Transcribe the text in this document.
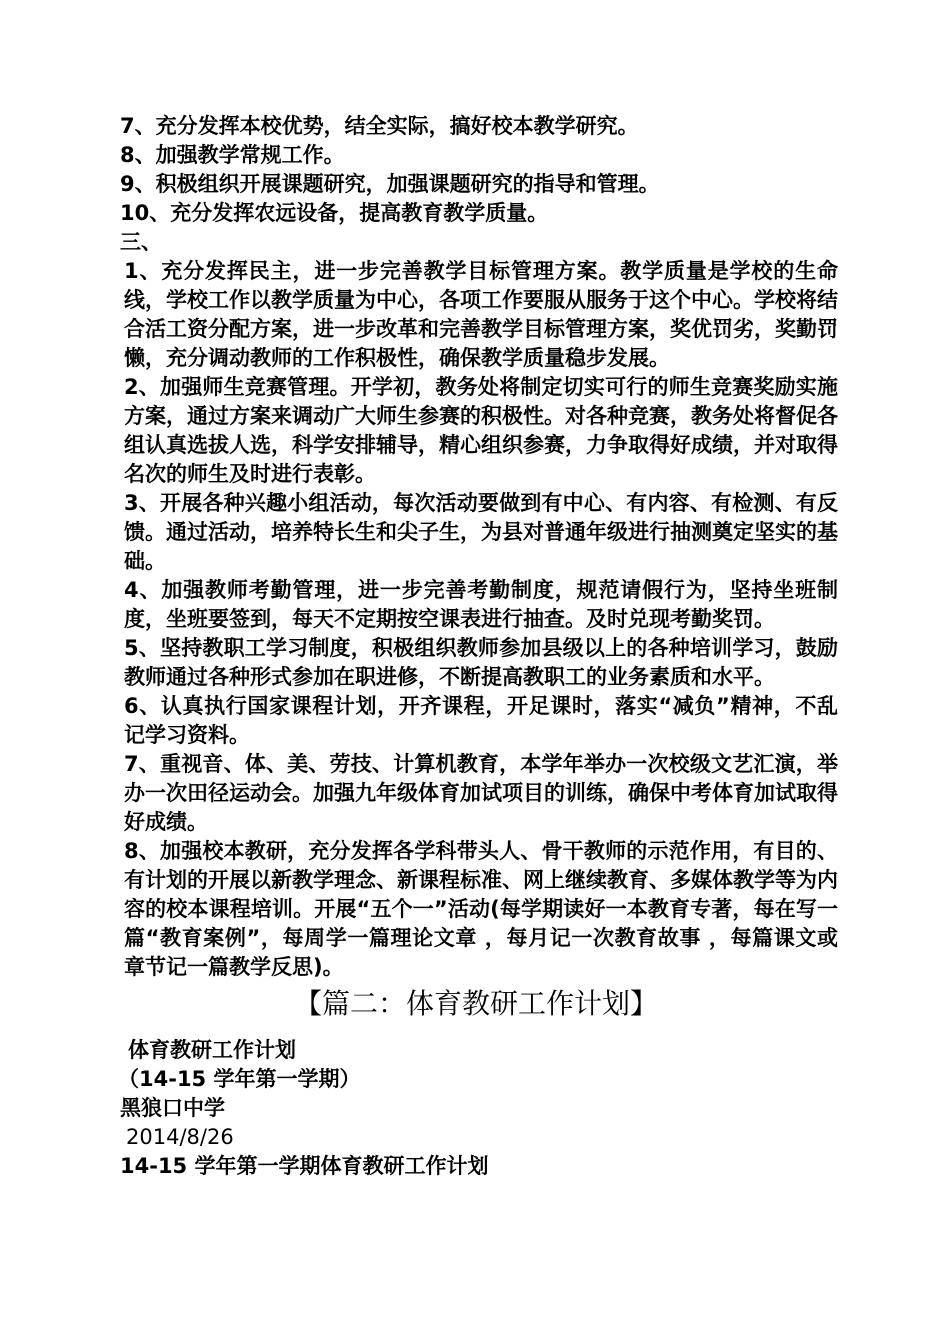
7、充分发挥本校优势，结全实际，搞好校本教学研究。
8、加强教学常规工作。
9、积极组织开展课题研究，加强课题研究的指导和管理。
10、充分发挥农远设备，提高教育教学质量。
三、

1、充分发挥民主，进一步完善教学目标管理方案。教学质量是学校的生命 线，学校工作以教学质量为中心，各项工作要服从服务于这个中心。学校将结合活工资分配方案，进一步改革和完善教学目标管理方案，奖优罚劣，奖勤罚懒，充分调动教师的工作积极性，确保教学质量稳步发展。

2、加强师生竞赛管理。开学初，教务处将制定切实可行的师生竞赛奖励实施方案，通过方案来调动广大师生参赛的积极性。对各种竞赛，教务处将督促各组认真选拔人选，科学安排辅导，精心组织参赛，力争取得好成绩，并对取得名次的师生及时进行表彰。

3、开展各种兴趣小组活动，每次活动要做到有中心、有内容、有检测、有反馈。通过活动，培养特长生和尖子生，为县对普通年级进行抽测奠定坚实的基础。

4、加强教师考勤管理，进一步完善考勤制度，规范请假行为，坚持坐班制度，坐班要签到，每天不定期按空课表进行抽查。及时兑现考勤奖罚。

5、坚持教职工学习制度，积极组织教师参加县级以上的各种培训学习，鼓励教师通过各种形式参加在职进修，不断提高教职工的业务素质和水平。

6、认真执行国家课程计划，开齐课程，开足课时，落实“减负”精神，不乱记学习资料。

7、重视音、体、美、劳技、计算机教育，本学年举办一次校级文艺汇演，举办一次田径运动会。加强九年级体育加试项目的训练，确保中考体育加试取得好成绩。

8、加强校本教研，充分发挥各学科带头人、骨干教师的示范作用，有目的、有计划的开展以新教学理念、新课程标准、网上继续教育、多媒体教学等为内容的校本课程培训。开展“五个一”活动(每学期读好一本教育专著，每在写一篇“教育案例”，每周学一篇理论文章 ，每月记一次教育故事 ，每篇课文或章节记一篇教学反思)。

【篇二：体育教研工作计划】
体育教研工作计划
（14-15 学年第一学期）
黑狼口中学
2014/8/26
14-15 学年第一学期体育教研工作计划
